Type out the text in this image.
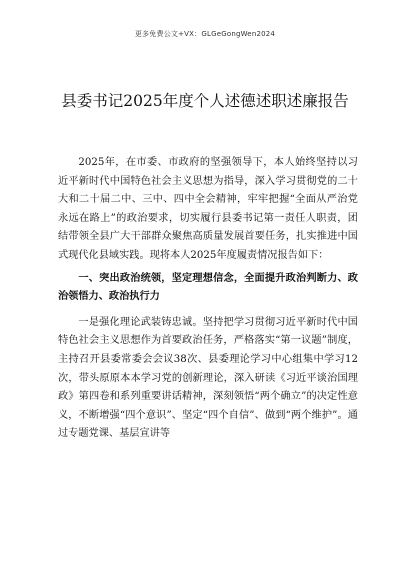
更多免费公文+VX：GLGeGongWen2024
县委书记2025年度个人述德述职述廉报告

2025年，在市委、市政府的坚强领导下，本人始终坚持以习近平新时代中国特色社会主义思想为指导，深入学习贯彻党的二十大和二十届二中、三中、四中全会精神，牢牢把握“全面从严治党永远在路上”的政治要求，切实履行县委书记第一责任人职责，团结带领全县广大干部群众聚焦高质量发展首要任务，扎实推进中国式现代化县域实践。现将本人2025年度履责情况报告如下：

一、突出政治统领，坚定理想信念，全面提升政治判断力、政治领悟力、政治执行力

一是强化理论武装铸忠诚。坚持把学习贯彻习近平新时代中国特色社会主义思想作为首要政治任务，严格落实“第一议题”制度，主持召开县委常委会会议38次、县委理论学习中心组集中学习12次，带头原原本本学习党的创新理论，深入研读《习近平谈治国理政》第四卷和系列重要讲话精神，深刻领悟“两个确立”的决定性意义，不断增强“四个意识”、坚定“四个自信”、做到“两个维护”。通过专题党课、基层宣讲等
